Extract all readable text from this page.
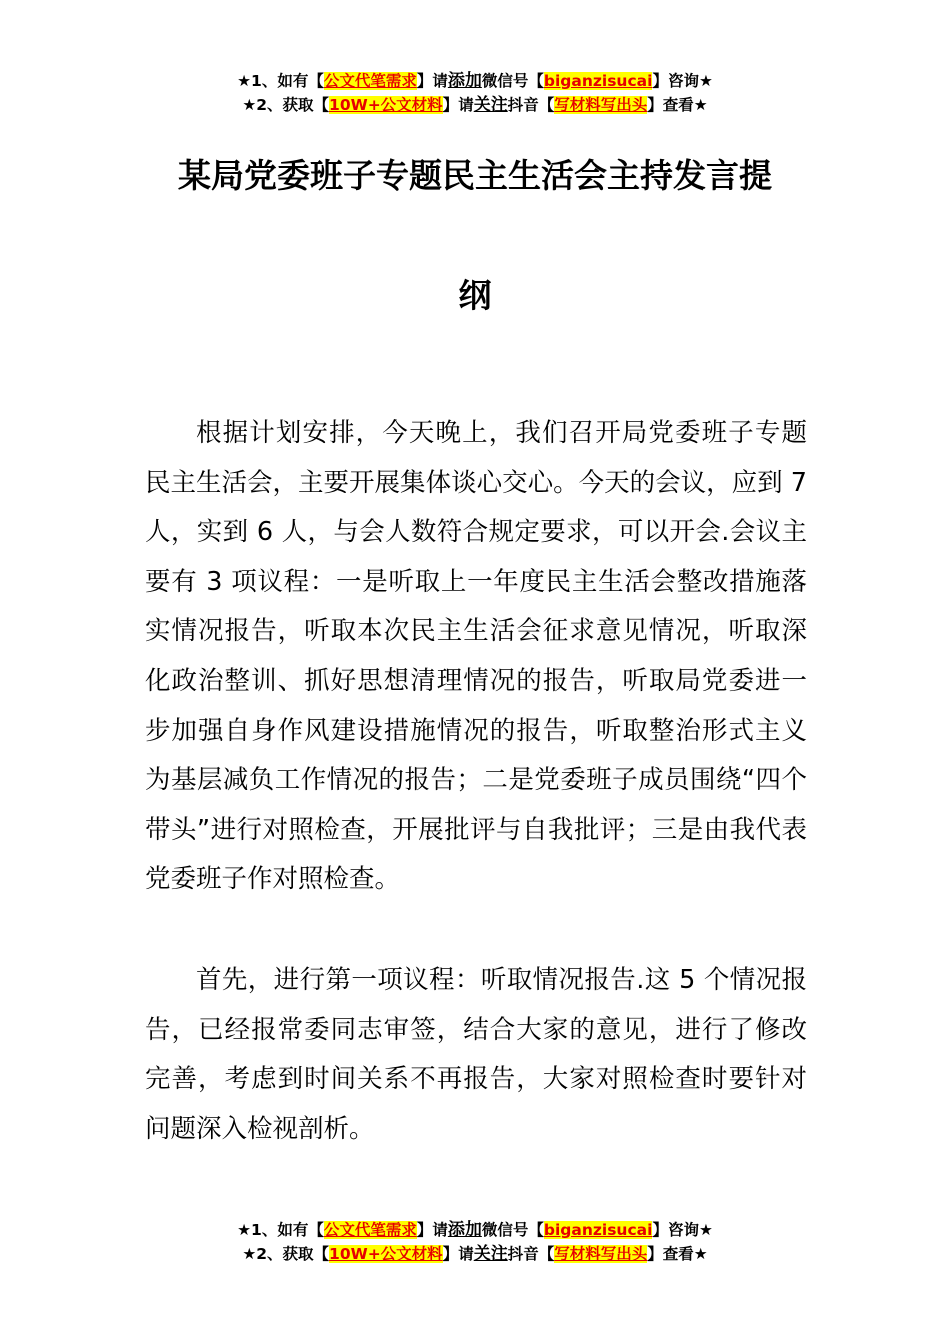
★1、如有【公文代笔需求】请添加微信号【biganzisucai】咨询★
★2、获取【10W+公文材料】请关注抖音【写材料写出头】查看★
某局党委班子专题民主生活会主持发言提
纲
根据计划安排，今天晚上，我们召开局党委班子专题民主生活会，主要开展集体谈心交心。今天的会议，应到 7 人，实到 6 人，与会人数符合规定要求，可以开会.会议主要有 3 项议程：一是听取上一年度民主生活会整改措施落实情况报告，听取本次民主生活会征求意见情况，听取深化政治整训、抓好思想清理情况的报告，听取局党委进一步加强自身作风建设措施情况的报告，听取整治形式主义为基层减负工作情况的报告；二是党委班子成员围绕“四个带头”进行对照检查，开展批评与自我批评；三是由我代表党委班子作对照检查。
首先，进行第一项议程：听取情况报告.这 5 个情况报告，已经报常委同志审签，结合大家的意见，进行了修改完善，考虑到时间关系不再报告，大家对照检查时要针对问题深入检视剖析。
★1、如有【公文代笔需求】请添加微信号【biganzisucai】咨询★
★2、获取【10W+公文材料】请关注抖音【写材料写出头】查看★
